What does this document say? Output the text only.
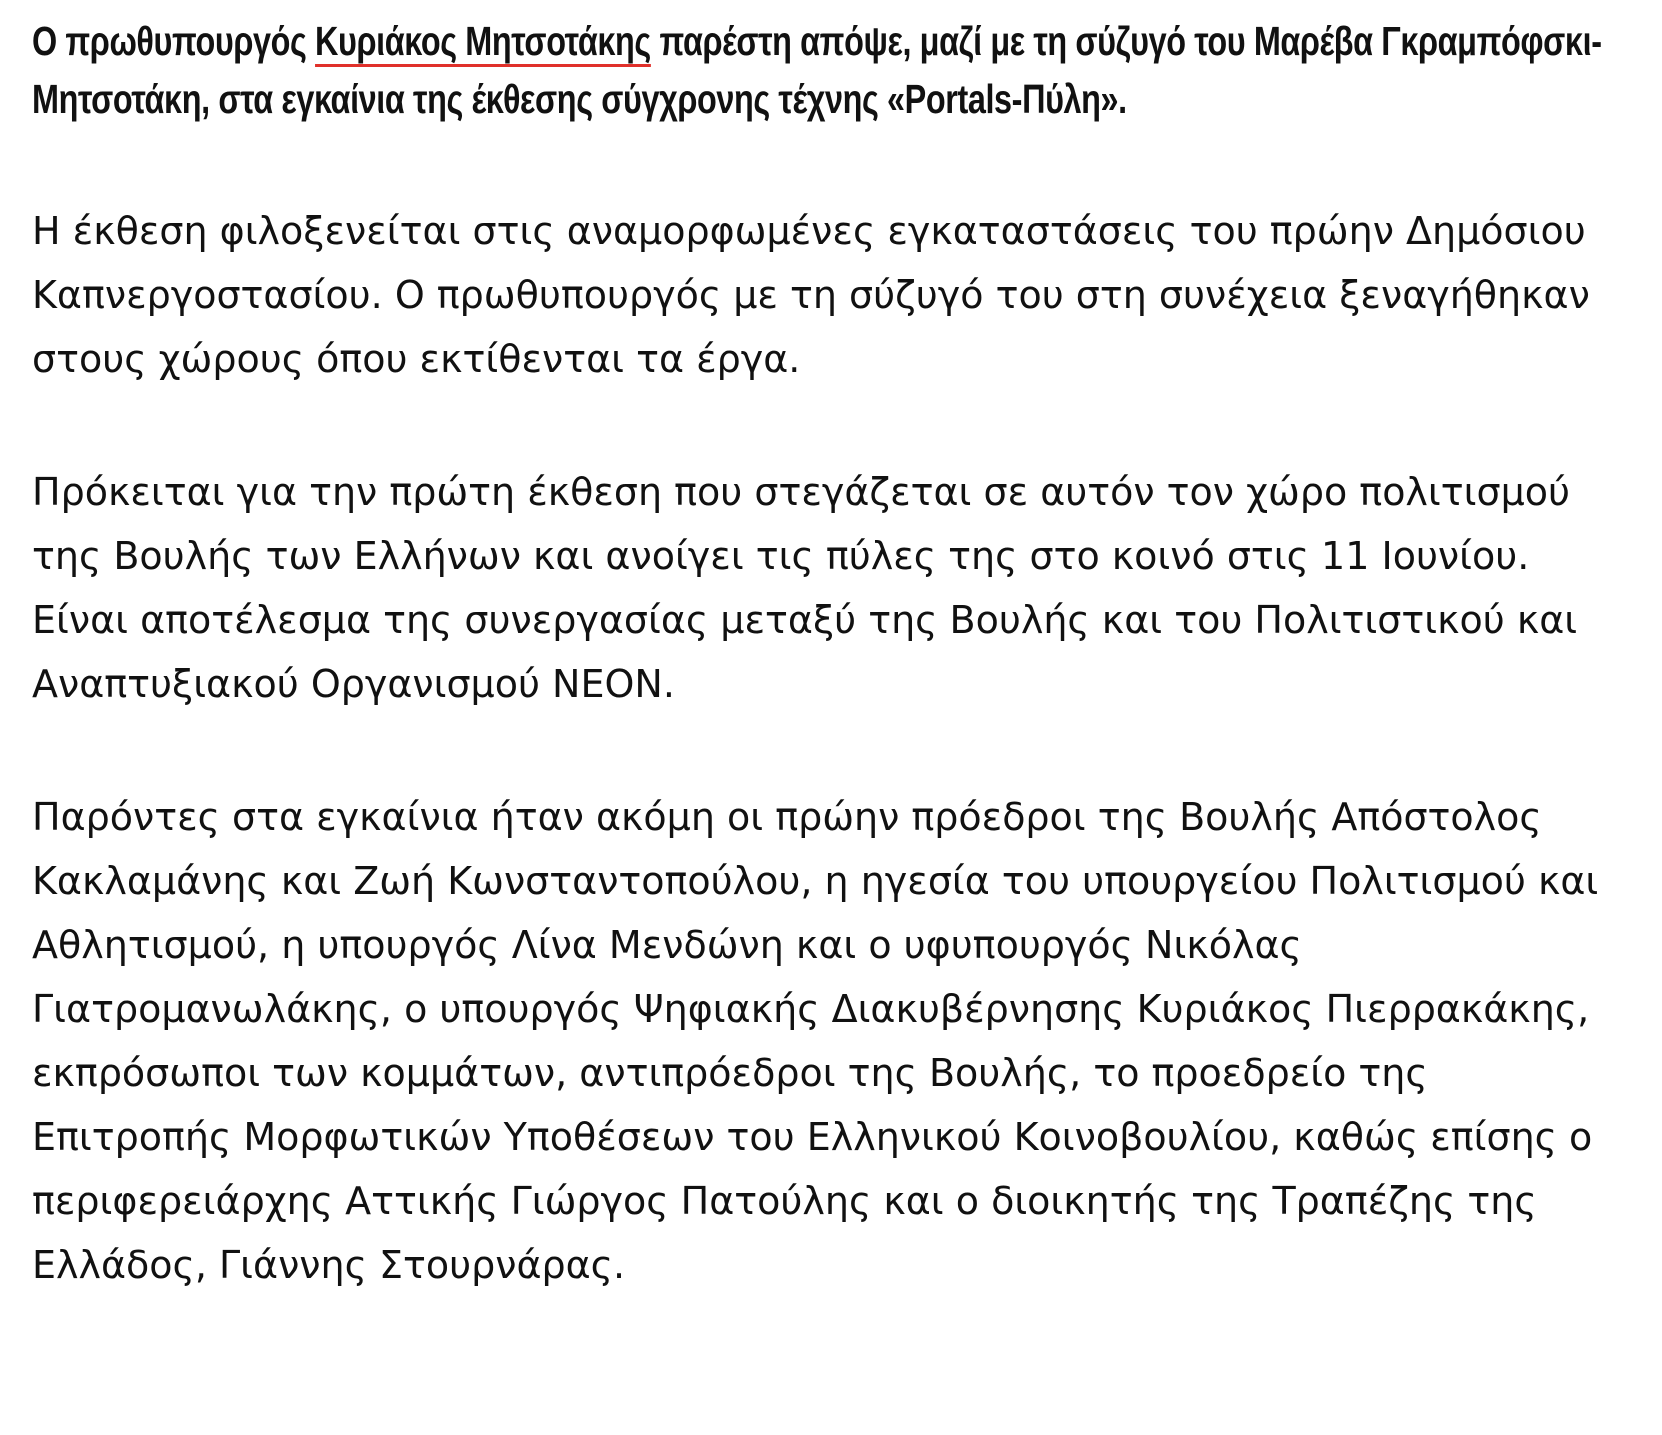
Ο πρωθυπουργός Κυριάκος Μητσοτάκης παρέστη απόψε, μαζί με τη σύζυγό του Μαρέβα Γκραμπόφσκι-Μητσοτάκη, στα εγκαίνια της έκθεσης σύγχρονης τέχνης «Portals-Πύλη».

Η έκθεση φιλοξενείται στις αναμορφωμένες εγκαταστάσεις του πρώην Δημόσιου Καπνεργοστασίου. Ο πρωθυπουργός με τη σύζυγό του στη συνέχεια ξεναγήθηκαν στους χώρους όπου εκτίθενται τα έργα.

Πρόκειται για την πρώτη έκθεση που στεγάζεται σε αυτόν τον χώρο πολιτισμού της Βουλής των Ελλήνων και ανοίγει τις πύλες της στο κοινό στις 11 Ιουνίου. Είναι αποτέλεσμα της συνεργασίας μεταξύ της Βουλής και του Πολιτιστικού και Αναπτυξιακού Οργανισμού NEON.

Παρόντες στα εγκαίνια ήταν ακόμη οι πρώην πρόεδροι της Βουλής Απόστολος Κακλαμάνης και Ζωή Κωνσταντοπούλου, η ηγεσία του υπουργείου Πολιτισμού και Αθλητισμού, η υπουργός Λίνα Μενδώνη και ο υφυπουργός Νικόλας Γιατρομανωλάκης, ο υπουργός Ψηφιακής Διακυβέρνησης Κυριάκος Πιερρακάκης, εκπρόσωποι των κομμάτων, αντιπρόεδροι της Βουλής, το προεδρείο της Επιτροπής Μορφωτικών Υποθέσεων του Ελληνικού Κοινοβουλίου, καθώς επίσης ο περιφερειάρχης Αττικής Γιώργος Πατούλης και ο διοικητής της Τραπέζης της Ελλάδος, Γιάννης Στουρνάρας.
